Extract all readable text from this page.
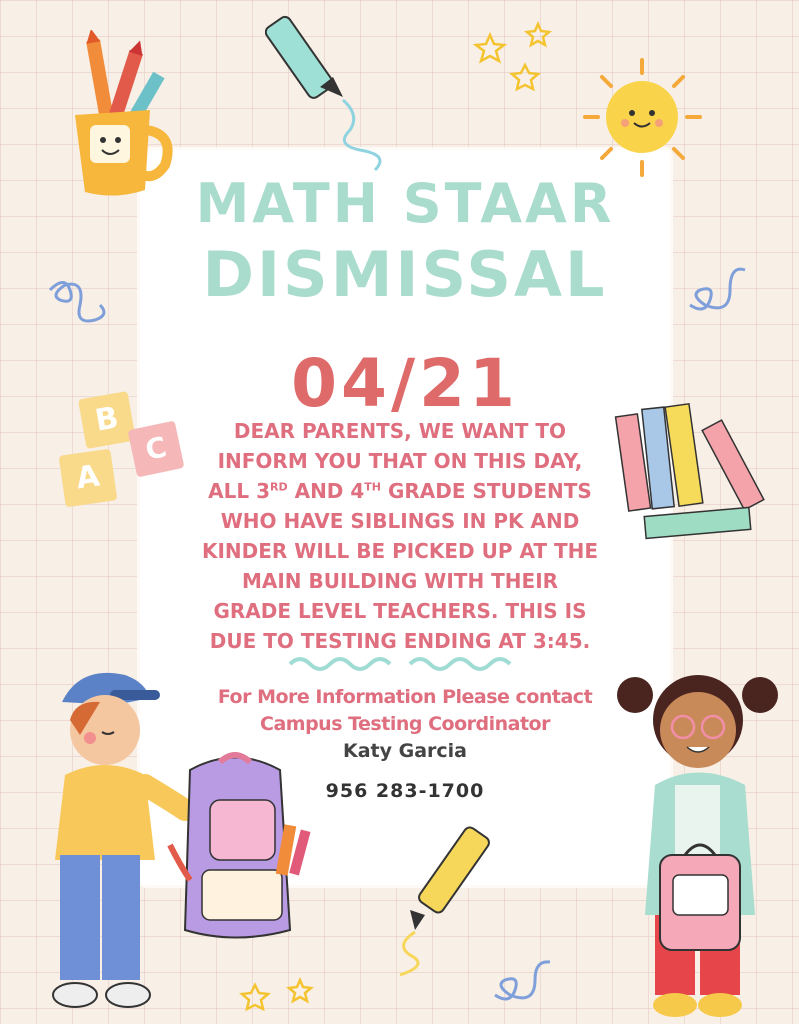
B
C
A
MATH STAAR
DISMISSAL
04/21

DEAR PARENTS, WE WANT TO
INFORM YOU THAT ON THIS DAY,
ALL 3RD AND 4TH GRADE STUDENTS
WHO HAVE SIBLINGS IN PK AND
KINDER WILL BE PICKED UP AT THE
MAIN BUILDING WITH THEIR
GRADE LEVEL TEACHERS. THIS IS
DUE TO TESTING ENDING AT 3:45.

For More Information Please contact
Campus Testing Coordinator
Katy Garcia
956 283-1700
